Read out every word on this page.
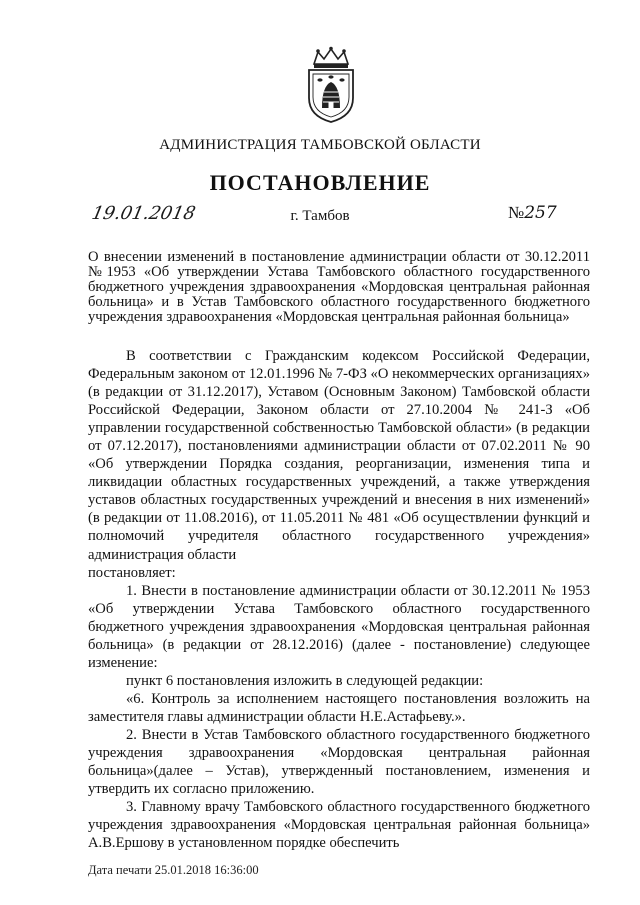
АДМИНИСТРАЦИЯ ТАМБОВСКОЙ ОБЛАСТИ
ПОСТАНОВЛЕНИЕ
19.01.2018	г. Тамбов	№257
О внесении изменений в постановление администрации области от 30.12.2011 №1953 «Об утверждении Устава Тамбовского областного государственного бюджетного учреждения здравоохранения «Мордовская центральная районная больница» и в Устав Тамбовского областного государственного бюджетного учреждения здравоохранения «Мордовская центральная районная больница»

В соответствии с Гражданским кодексом Российской Федерации, Федеральным законом от 12.01.1996 № 7-ФЗ «О некоммерческих организациях» (в редакции от 31.12.2017), Уставом (Основным Законом) Тамбовской области Российской Федерации, Законом области от 27.10.2004 № 241-З «Об управлении государственной собственностью Тамбовской области» (в редакции от 07.12.2017), постановлениями администрации области от 07.02.2011 № 90 «Об утверждении Порядка создания, реорганизации, изменения типа и ликвидации областных государственных учреждений, а также утверждения уставов областных государственных учреждений и внесения в них изменений» (в редакции от 11.08.2016), от 11.05.2011 № 481 «Об осуществлении функций и полномочий учредителя областного государственного учреждения» администрация области

постановляет:

1. Внести в постановление администрации области от 30.12.2011 № 1953 «Об утверждении Устава Тамбовского областного государственного бюджетного учреждения здравоохранения «Мордовская центральная районная больница» (в редакции от 28.12.2016) (далее - постановление) следующее изменение:

пункт 6 постановления изложить в следующей редакции:

«6. Контроль за исполнением настоящего постановления возложить на заместителя главы администрации области Н.Е.Астафьеву.».

2. Внести в Устав Тамбовского областного государственного бюджетного учреждения здравоохранения «Мордовская центральная районная больница»(далее – Устав), утвержденный постановлением, изменения и утвердить их согласно приложению.

3. Главному врачу Тамбовского областного государственного бюджетного учреждения здравоохранения «Мордовская центральная районная больница» А.В.Ершову в установленном порядке обеспечить

Дата печати 25.01.2018 16:36:00
